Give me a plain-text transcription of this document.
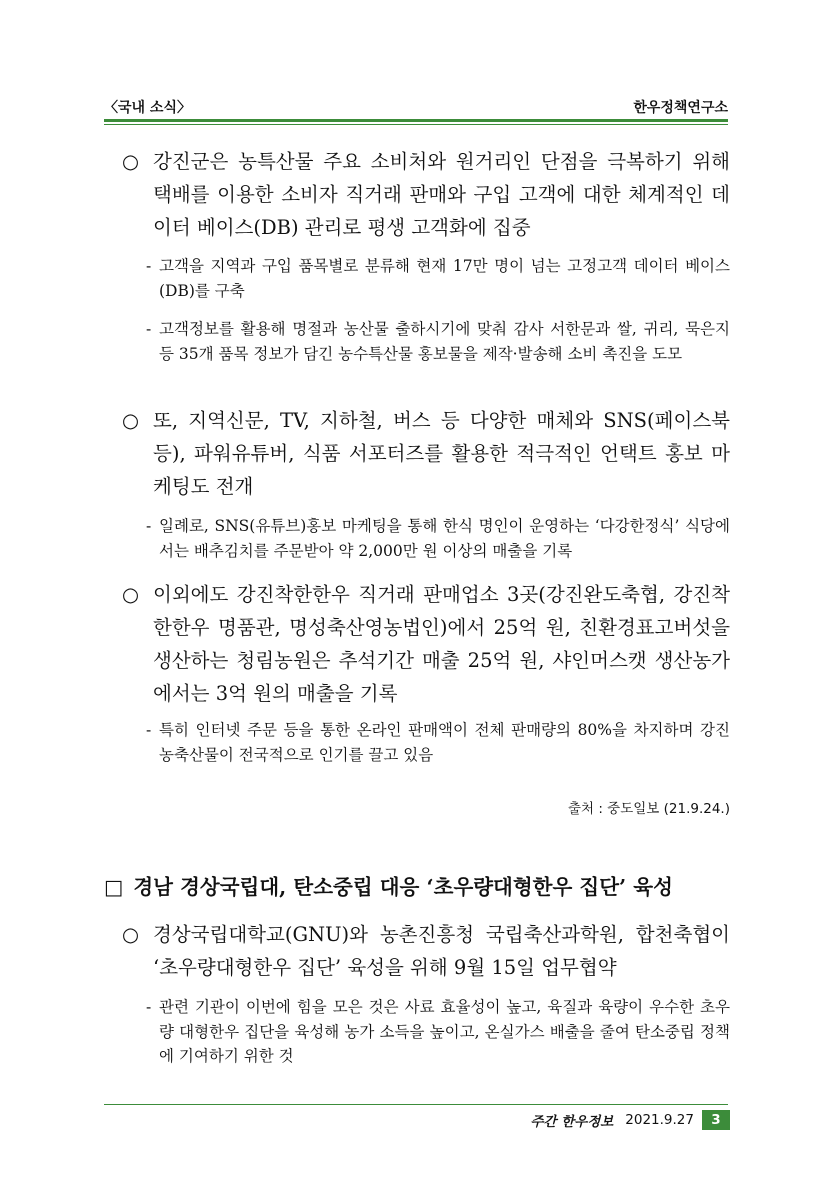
〈국내 소식〉	한우정책연구소
○ 강진군은 농특산물 주요 소비처와 원거리인 단점을 극복하기 위해 택배를 이용한 소비자 직거래 판매와 구입 고객에 대한 체계적인 데이터 베이스(DB) 관리로 평생 고객화에 집중
- 고객을 지역과 구입 품목별로 분류해 현재 17만 명이 넘는 고정고객 데이터 베이스(DB)를 구축
- 고객정보를 활용해 명절과 농산물 출하시기에 맞춰 감사 서한문과 쌀, 귀리, 묵은지 등 35개 품목 정보가 담긴 농수특산물 홍보물을 제작·발송해 소비 촉진을 도모
○ 또, 지역신문, TV, 지하철, 버스 등 다양한 매체와 SNS(페이스북 등), 파워유튜버, 식품 서포터즈를 활용한 적극적인 언택트 홍보 마케팅도 전개
- 일례로, SNS(유튜브)홍보 마케팅을 통해 한식 명인이 운영하는 ‘다강한정식’ 식당에서는 배추김치를 주문받아 약 2,000만 원 이상의 매출을 기록
○ 이외에도 강진착한한우 직거래 판매업소 3곳(강진완도축협, 강진착한한우 명품관, 명성축산영농법인)에서 25억 원, 친환경표고버섯을 생산하는 청림농원은 추석기간 매출 25억 원, 샤인머스캣 생산농가에서는 3억 원의 매출을 기록
- 특히 인터넷 주문 등을 통한 온라인 판매액이 전체 판매량의 80%을 차지하며 강진 농축산물이 전국적으로 인기를 끌고 있음
출처 : 중도일보 (21.9.24.)
□ 경남 경상국립대, 탄소중립 대응 ‘초우량대형한우 집단’ 육성
○ 경상국립대학교(GNU)와 농촌진흥청 국립축산과학원, 합천축협이 ‘초우량대형한우 집단’ 육성을 위해 9월 15일 업무협약
- 관련 기관이 이번에 힘을 모은 것은 사료 효율성이 높고, 육질과 육량이 우수한 초우량 대형한우 집단을 육성해 농가 소득을 높이고, 온실가스 배출을 줄여 탄소중립 정책에 기여하기 위한 것
주간 한우정보 2021.9.27	3
